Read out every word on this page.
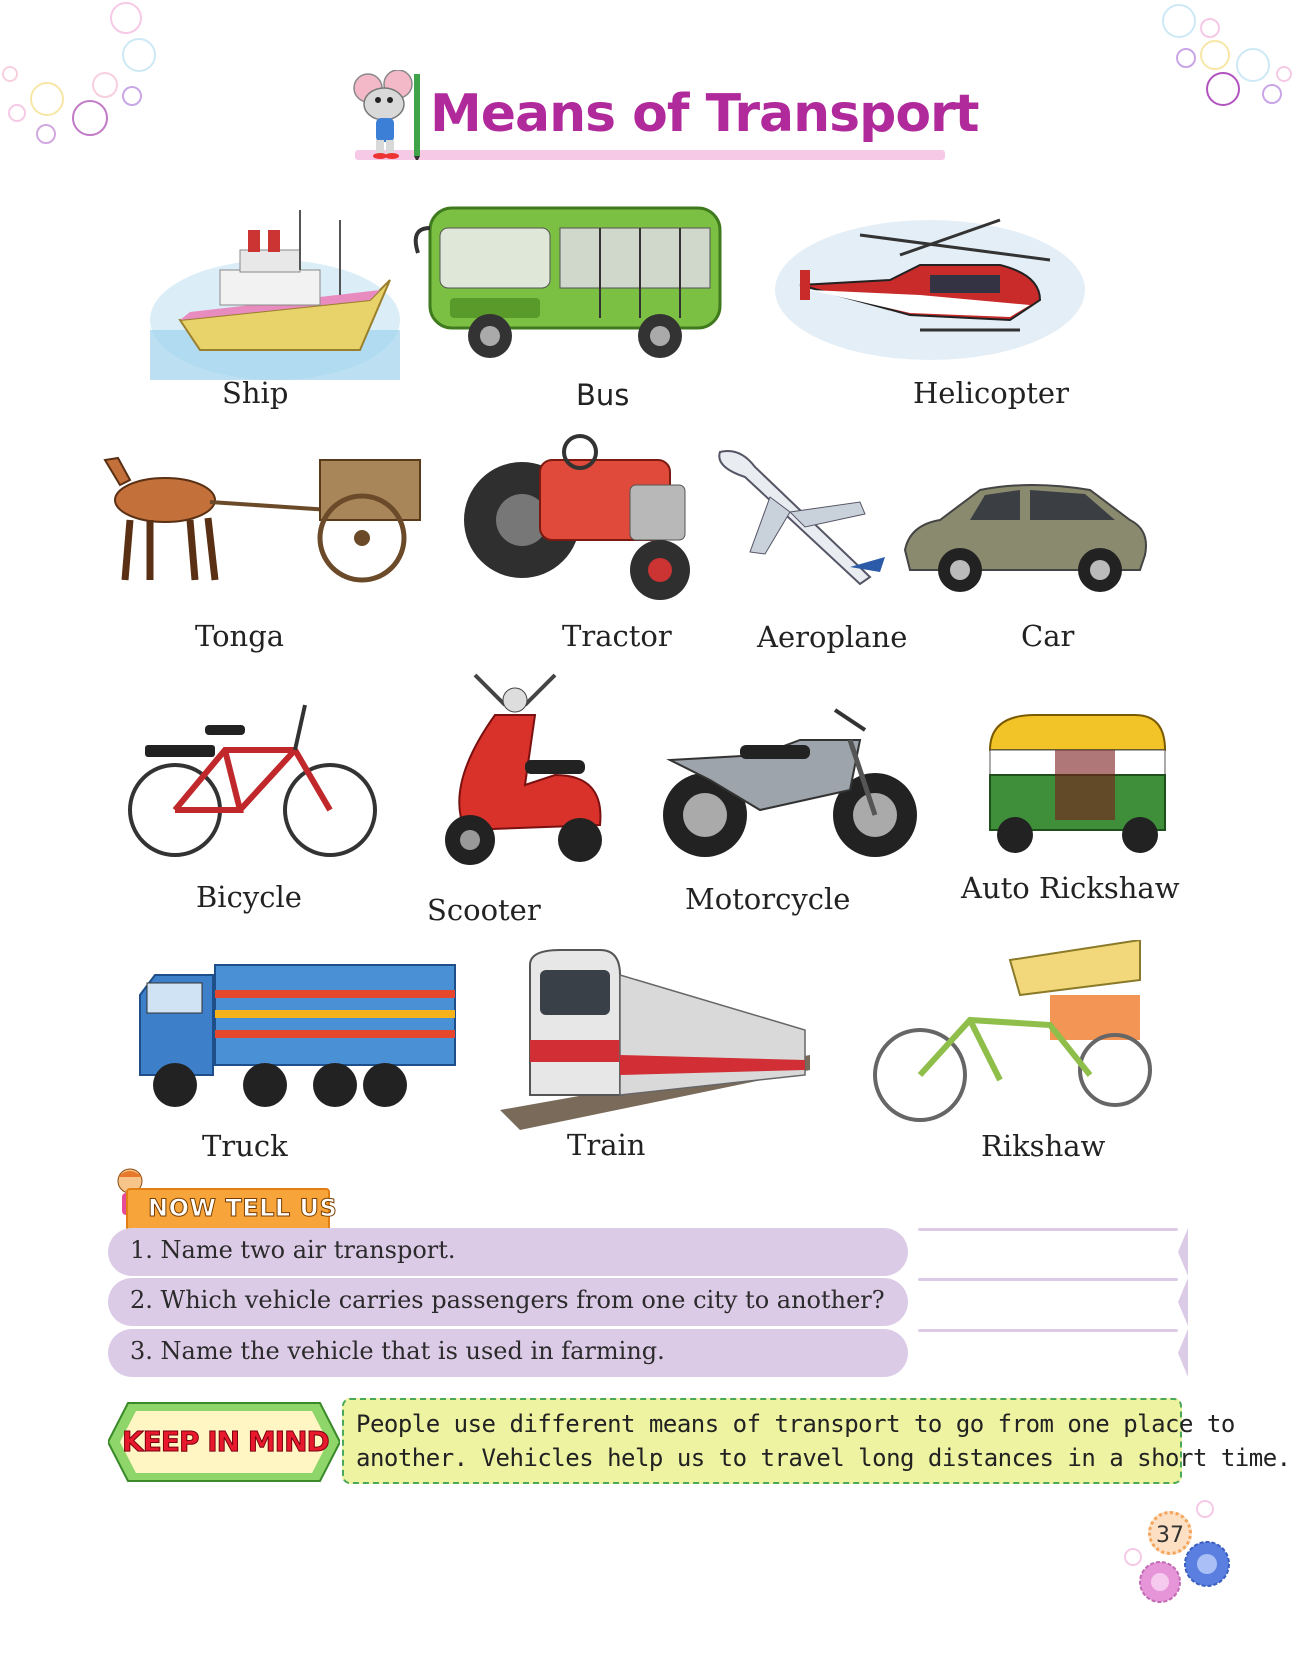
Means of Transport
Ship	Bus	Helicopter
Tonga	Tractor	Aeroplane	Car
Bicycle	Scooter	Motorcycle	Auto Rickshaw
Truck	Train	Rikshaw
NOW TELL US
1. Name two air transport.
2. Which vehicle carries passengers from one city to another?
3. Name the vehicle that is used in farming.
KEEP IN MIND
People use different means of transport to go from one place to
another. Vehicles help us to travel long distances in a short time.
37
